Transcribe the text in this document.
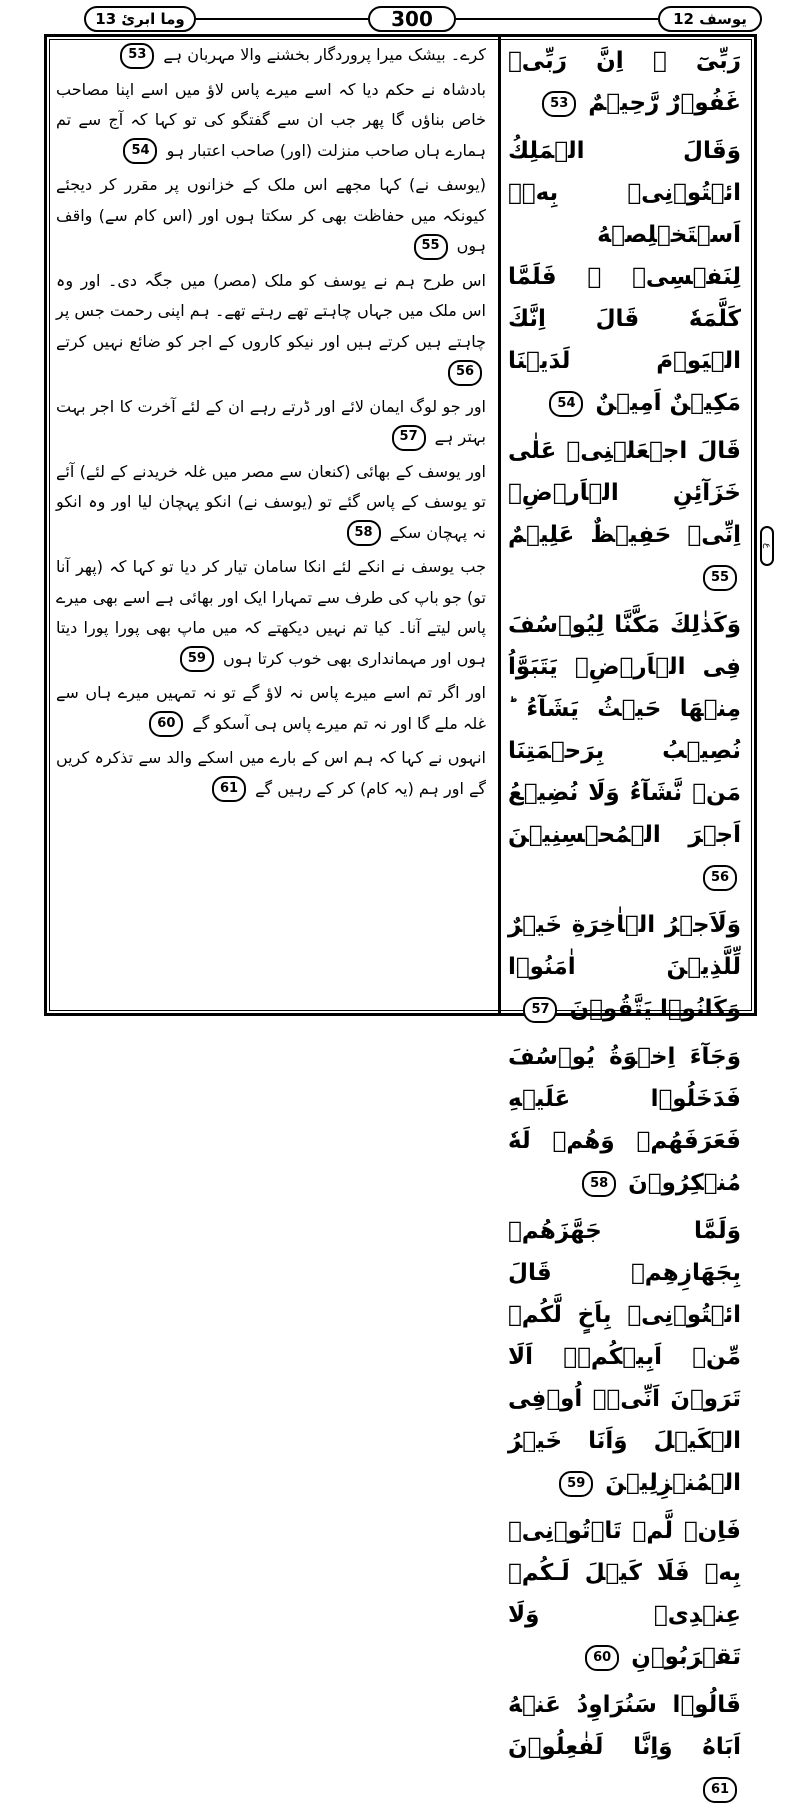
وما ابرئ 13	300	یوسف 12
ع

رَبِّىٓ ۖ اِنَّ رَبِّىۡ غَفُوۡرٌ رَّحِيۡمٌ 53

وَقَالَ الۡمَلِكُ ائۡتُوۡنِىۡ بِهٖۤ اَسۡتَخۡلِصۡهُ لِنَفۡسِىۡ‌ ۚ فَلَمَّا كَلَّمَهٗ قَالَ اِنَّكَ الۡيَوۡمَ لَدَيۡنَا مَكِيۡنٌ اَمِيۡنٌ 54

قَالَ اجۡعَلۡنِىۡ عَلٰى خَزَآئِنِ الۡاَرۡضِ‌ۚ اِنِّىۡ حَفِيۡظٌ عَلِيۡمٌ 55

وَكَذٰلِكَ مَكَّنَّا لِيُوۡسُفَ فِى الۡاَرۡضِ‌ۚ يَتَبَوَّاُ مِنۡهَا حَيۡثُ يَشَآءُ‌ ؕ نُصِيۡبُ بِرَحۡمَتِنَا مَنۡ نَّشَآءُ وَلَا نُضِيۡعُ اَجۡرَ الۡمُحۡسِنِيۡنَ 56

وَلَاَجۡرُ الۡاٰخِرَةِ خَيۡرٌ لِّلَّذِيۡنَ اٰمَنُوۡا وَكَانُوۡا يَتَّقُوۡنَ 57

وَجَآءَ اِخۡوَةُ يُوۡسُفَ فَدَخَلُوۡا عَلَيۡهِ فَعَرَفَهُمۡ وَهُمۡ لَهٗ مُنۡكِرُوۡنَ 58

وَلَمَّا جَهَّزَهُمۡ بِجَهَازِهِمۡ قَالَ ائۡتُوۡنِىۡ بِاَخٍ لَّكُمۡ مِّنۡ اَبِيۡكُمۡ‌ۚ اَلَا تَرَوۡنَ اَنِّىۡۤ اُوۡفِى الۡكَيۡلَ وَاَنَا خَيۡرُ الۡمُنۡزِلِيۡنَ 59

فَاِنۡ لَّمۡ تَاۡتُوۡنِىۡ بِهٖ فَلَا كَيۡلَ لَـكُمۡ عِنۡدِىۡ وَلَا تَقۡرَبُوۡنِ 60

قَالُوۡا سَنُرَاوِدُ عَنۡهُ اَبَاهُ وَاِنَّا لَفٰعِلُوۡنَ 61

کرے۔ بیشک میرا پروردگار بخشنے والا مہربان ہے 53

بادشاہ نے حکم دیا کہ اسے میرے پاس لاؤ میں اسے اپنا مصاحب خاص بناؤں گا پھر جب ان سے گفتگو کی تو کہا کہ آج سے تم ہمارے ہاں صاحب منزلت (اور) صاحب اعتبار ہو 54

(یوسف نے) کہا مجھے اس ملک کے خزانوں پر مقرر کر دیجئے کیونکہ میں حفاظت بھی کر سکتا ہوں اور (اس کام سے) واقف ہوں 55

اس طرح ہم نے یوسف کو ملک (مصر) میں جگہ دی۔ اور وہ اس ملک میں جہاں چاہتے تھے رہتے تھے۔ ہم اپنی رحمت جس پر چاہتے ہیں کرتے ہیں اور نیکو کاروں کے اجر کو ضائع نہیں کرتے 56

اور جو لوگ ایمان لائے اور ڈرتے رہے ان کے لئے آخرت کا اجر بہت بہتر ہے 57

اور یوسف کے بھائی (کنعان سے مصر میں غلہ خریدنے کے لئے) آئے تو یوسف کے پاس گئے تو (یوسف نے) انکو پہچان لیا اور وہ انکو نہ پہچان سکے 58

جب یوسف نے انکے لئے انکا سامان تیار کر دیا تو کہا کہ (پھر آنا تو) جو باپ کی طرف سے تمہارا ایک اور بھائی ہے اسے بھی میرے پاس لیتے آنا۔ کیا تم نہیں دیکھتے کہ میں ماپ بھی پورا پورا دیتا ہوں اور مہمانداری بھی خوب کرتا ہوں 59

اور اگر تم اسے میرے پاس نہ لاؤ گے تو نہ تمہیں میرے ہاں سے غلہ ملے گا اور نہ تم میرے پاس ہی آسکو گے 60

انہوں نے کہا کہ ہم اس کے بارے میں اسکے والد سے تذکرہ کریں گے اور ہم (یہ کام) کر کے رہیں گے 61
